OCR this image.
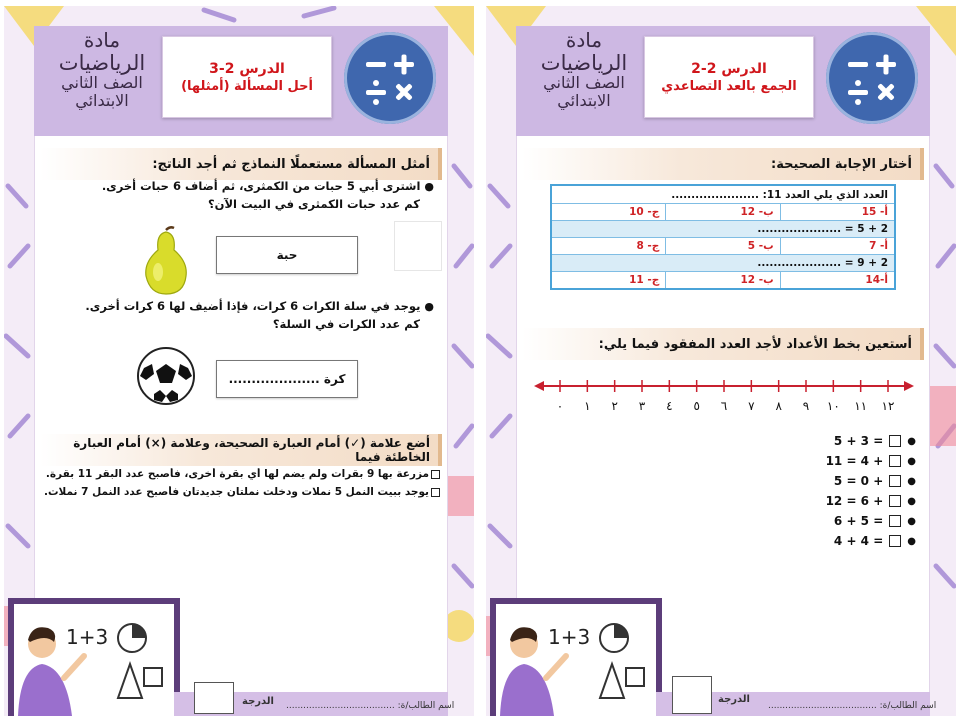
مادة
الرياضيات
الصف الثاني
الابتدائي
الدرس 2-3
أحل المسألة (أمثلها)
أمثل المسألة مستعملًا النماذج ثم أجد الناتج:
●اشترى أبي 5 حبات من الكمثرى، ثم أضاف 6 حبات أخرى.
كم عدد حبات الكمثرى في البيت الآن؟
حبة
●يوجد في سلة الكرات 6 كرات، فإذا أضيف لها 6 كرات أخرى.
كم عدد الكرات في السلة؟
كرة ....................
أضع علامة (✓) أمام العبارة الصحيحة، وعلامة (×) أمام العبارة الخاطئة فيما
مزرعة بها 9 بقرات ولم يضم لها أي بقرة أخرى، فأصبح عدد البقر 11 بقرة.
يوجد ببيت النمل 5 نملات ودخلت نملتان جديدتان فأصبح عدد النمل 7 نملات.
1+3
الدرجة اسم الطالب/ة: ......................................
مادة
الرياضيات
الصف الثاني
الابتدائي
الدرس 2-2
الجمع بالعد التصاعدي
أختار الإجابة الصحيحة:
العدد الذي يلي العدد 11: ......................
أ- 15
ب- 12
ج- 10
2 + 5 = .....................
أ- 7
ب- 5
ج- 8
2 + 9 = .....................
أ-14
ب- 12
ج- 11
أستعين بخط الأعداد لأجد العدد المفقود فيما يلي:
٠ ١ ٢ ٣ ٤ ٥ ٦ ٧ ٨ ٩ ١٠ ١١ ١٢
5 + 3 = ●
11 = 4 + ●
5 = 0 + ●
12 = 6 + ●
6 + 5 = ●
4 + 4 = ●
1+3
الدرجة
اسم الطالب/ة: ......................................
